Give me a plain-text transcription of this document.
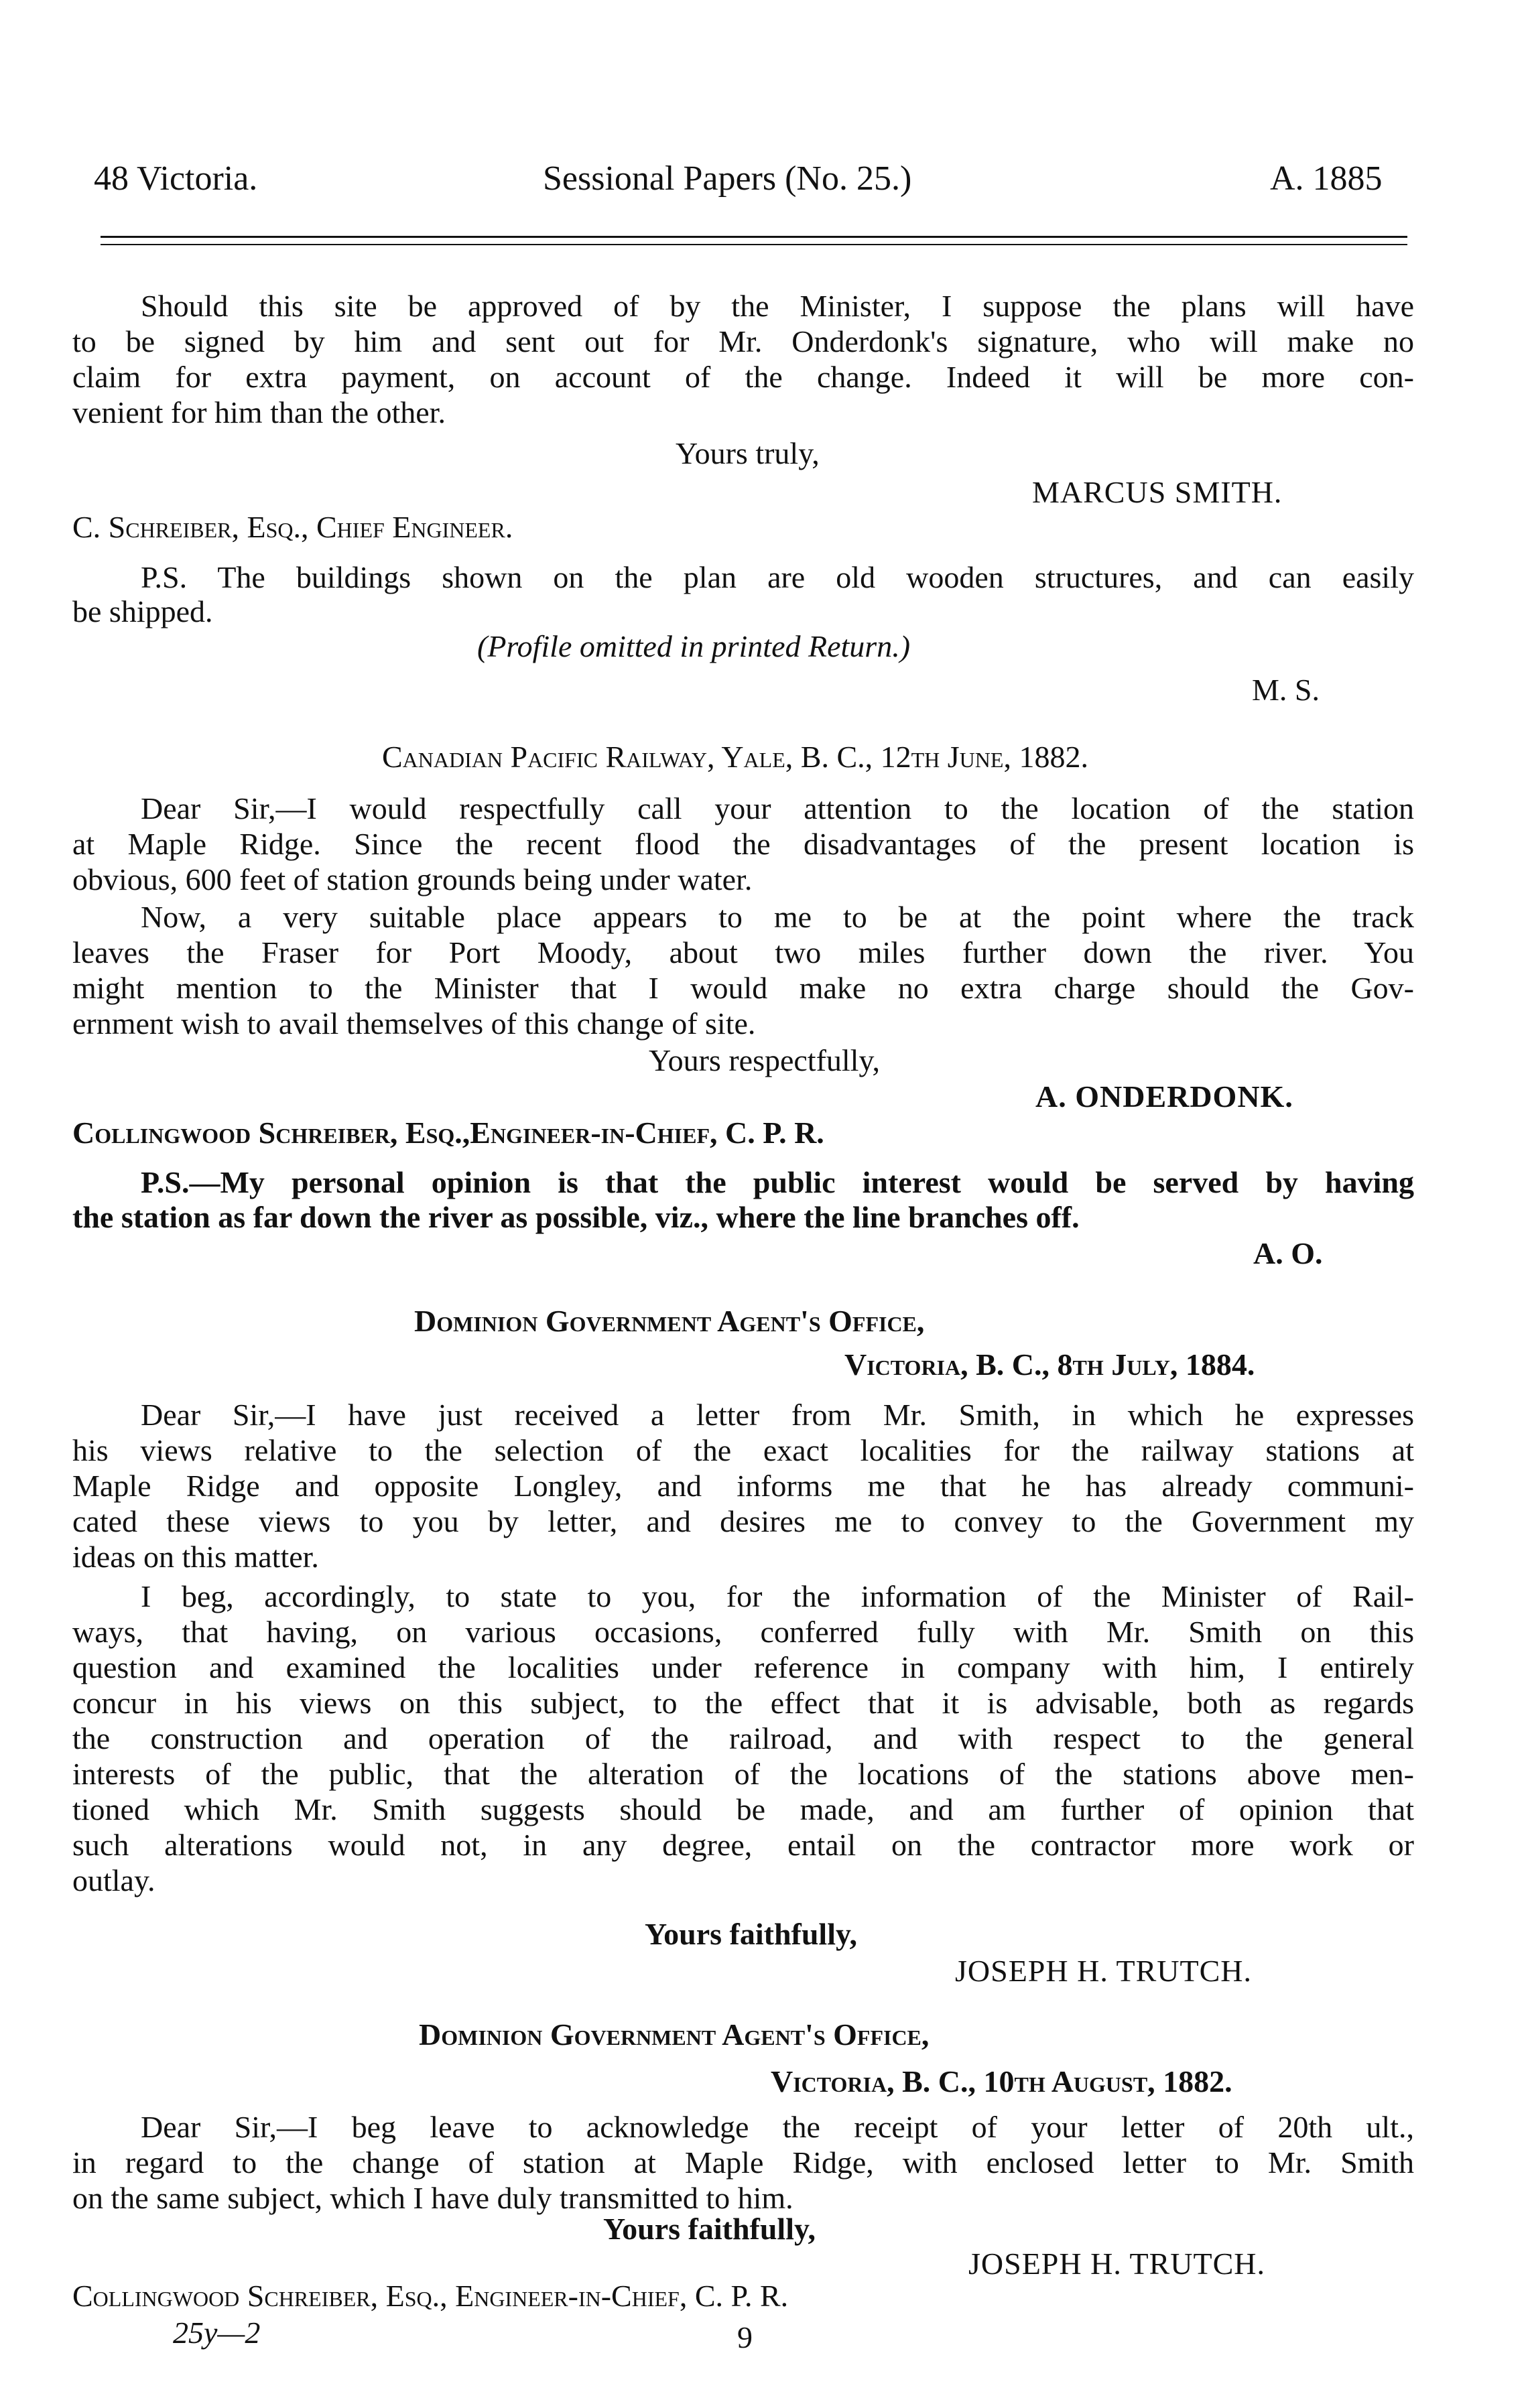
48 Victoria.	Sessional Papers (No. 25.)	A. 1885
Should this site be approved of by the Minister, I suppose the plans will have
to be signed by him and sent out for Mr. Onderdonk's signature, who will make no
claim for extra payment, on account of the change. Indeed it will be more con-
venient for him than the other.
Yours truly,
MARCUS SMITH.
C. Schreiber, Esq., Chief Engineer.
P.S. The buildings shown on the plan are old wooden structures, and can easily
be shipped.
(Profile omitted in printed Return.)
M. S.
Canadian Pacific Railway, Yale, B. C., 12th June, 1882.
Dear Sir,—I would respectfully call your attention to the location of the station
at Maple Ridge. Since the recent flood the disadvantages of the present location is
obvious, 600 feet of station grounds being under water.
Now, a very suitable place appears to me to be at the point where the track
leaves the Fraser for Port Moody, about two miles further down the river. You
might mention to the Minister that I would make no extra charge should the Gov-
ernment wish to avail themselves of this change of site.
Yours respectfully,
A. ONDERDONK.
Collingwood Schreiber, Esq.,Engineer-in-Chief, C. P. R.
P.S.—My personal opinion is that the public interest would be served by having
the station as far down the river as possible, viz., where the line branches off.
A. O.
Dominion Government Agent's Office,
Victoria, B. C., 8th July, 1884.
Dear Sir,—I have just received a letter from Mr. Smith, in which he expresses
his views relative to the selection of the exact localities for the railway stations at
Maple Ridge and opposite Longley, and informs me that he has already communi-
cated these views to you by letter, and desires me to convey to the Government my
ideas on this matter.
I beg, accordingly, to state to you, for the information of the Minister of Rail-
ways, that having, on various occasions, conferred fully with Mr. Smith on this
question and examined the localities under reference in company with him, I entirely
concur in his views on this subject, to the effect that it is advisable, both as regards
the construction and operation of the railroad, and with respect to the general
interests of the public, that the alteration of the locations of the stations above men-
tioned which Mr. Smith suggests should be made, and am further of opinion that
such alterations would not, in any degree, entail on the contractor more work or
outlay.
Yours faithfully,
JOSEPH H. TRUTCH.
Dominion Government Agent's Office,
Victoria, B. C., 10th August, 1882.
Dear Sir,—I beg leave to acknowledge the receipt of your letter of 20th ult.,
in regard to the change of station at Maple Ridge, with enclosed letter to Mr. Smith
on the same subject, which I have duly transmitted to him.
Yours faithfully,
JOSEPH H. TRUTCH.
Collingwood Schreiber, Esq., Engineer-in-Chief, C. P. R.
25y—2	9
